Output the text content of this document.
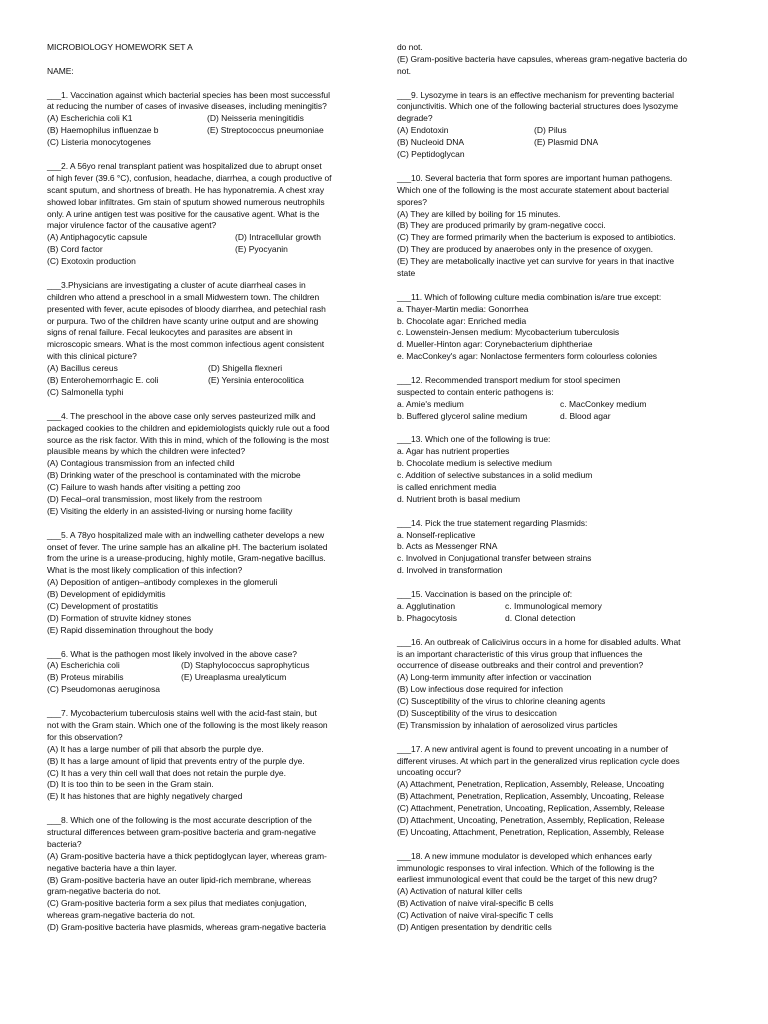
MICROBIOLOGY HOMEWORK SET A
NAME:
___1. Vaccination against which bacterial species has been most successful
at reducing the number of cases of invasive diseases, including meningitis?
(A) Escherichia coli K1	(D) Neisseria meningitidis
(B) Haemophilus influenzae b	(E) Streptococcus pneumoniae
(C) Listeria monocytogenes
___2. A 56yo renal transplant patient was hospitalized due to abrupt onset
of high fever (39.6 °C), confusion, headache, diarrhea, a cough productive of
scant sputum, and shortness of breath. He has hyponatremia. A chest xray
showed lobar infiltrates. Gm stain of sputum showed numerous neutrophils
only. A urine antigen test was positive for the causative agent. What is the
major virulence factor of the causative agent?
(A) Antiphagocytic capsule	(D) Intracellular growth
(B) Cord factor	(E) Pyocyanin
(C) Exotoxin production
___3.Physicians are investigating a cluster of acute diarrheal cases in
children who attend a preschool in a small Midwestern town. The children
presented with fever, acute episodes of bloody diarrhea, and petechial rash
or purpura. Two of the children have scanty urine output and are showing
signs of renal failure. Fecal leukocytes and parasites are absent in
microscopic smears. What is the most common infectious agent consistent
with this clinical picture?
(A) Bacillus cereus	(D) Shigella flexneri
(B) Enterohemorrhagic E. coli	(E) Yersinia enterocolitica
(C) Salmonella typhi
___4. The preschool in the above case only serves pasteurized milk and
packaged cookies to the children and epidemiologists quickly rule out a food
source as the risk factor. With this in mind, which of the following is the most
plausible means by which the children were infected?
(A) Contagious transmission from an infected child
(B) Drinking water of the preschool is contaminated with the microbe
(C) Failure to wash hands after visiting a petting zoo
(D) Fecal–oral transmission, most likely from the restroom
(E) Visiting the elderly in an assisted-living or nursing home facility
___5. A 78yo hospitalized male with an indwelling catheter develops a new
onset of fever. The urine sample has an alkaline pH. The bacterium isolated
from the urine is a urease-producing, highly motile, Gram-negative bacillus.
What is the most likely complication of this infection?
(A) Deposition of antigen–antibody complexes in the glomeruli
(B) Development of epididymitis
(C) Development of prostatitis
(D) Formation of struvite kidney stones
(E) Rapid dissemination throughout the body
___6. What is the pathogen most likely involved in the above case?
(A) Escherichia coli	(D) Staphylococcus saprophyticus
(B) Proteus mirabilis	(E) Ureaplasma urealyticum
(C) Pseudomonas aeruginosa
___7. Mycobacterium tuberculosis stains well with the acid-fast stain, but
not with the Gram stain. Which one of the following is the most likely reason
for this observation?
(A) It has a large number of pili that absorb the purple dye.
(B) It has a large amount of lipid that prevents entry of the purple dye.
(C) It has a very thin cell wall that does not retain the purple dye.
(D) It is too thin to be seen in the Gram stain.
(E) It has histones that are highly negatively charged
___8. Which one of the following is the most accurate description of the
structural differences between gram-positive bacteria and gram-negative
bacteria?
(A) Gram-positive bacteria have a thick peptidoglycan layer, whereas gram-
negative bacteria have a thin layer.
(B) Gram-positive bacteria have an outer lipid-rich membrane, whereas
gram-negative bacteria do not.
(C) Gram-positive bacteria form a sex pilus that mediates conjugation,
whereas gram-negative bacteria do not.
(D) Gram-positive bacteria have plasmids, whereas gram-negative bacteria
do not.
(E) Gram-positive bacteria have capsules, whereas gram-negative bacteria do
not.
___9. Lysozyme in tears is an effective mechanism for preventing bacterial
conjunctivitis. Which one of the following bacterial structures does lysozyme
degrade?
(A) Endotoxin	(D) Pilus
(B) Nucleoid DNA	(E) Plasmid DNA
(C) Peptidoglycan
___10. Several bacteria that form spores are important human pathogens.
Which one of the following is the most accurate statement about bacterial
spores?
(A) They are killed by boiling for 15 minutes.
(B) They are produced primarily by gram-negative cocci.
(C) They are formed primarily when the bacterium is exposed to antibiotics.
(D) They are produced by anaerobes only in the presence of oxygen.
(E) They are metabolically inactive yet can survive for years in that inactive
state
___11. Which of following culture media combination is/are true except:
a. Thayer-Martin media: Gonorrhea
b. Chocolate agar: Enriched media
c. Lowenstein-Jensen medium: Mycobacterium tuberculosis
d. Mueller-Hinton agar: Corynebacterium diphtheriae
e. MacConkey's agar: Nonlactose fermenters form colourless colonies
___12. Recommended transport medium for stool specimen
suspected to contain enteric pathogens is:
a. Amie's medium	c. MacConkey medium
b. Buffered glycerol saline medium	d. Blood agar
___13. Which one of the following is true:
a. Agar has nutrient properties
b. Chocolate medium is selective medium
c. Addition of selective substances in a solid medium
is called enrichment media
d. Nutrient broth is basal medium
___14. Pick the true statement regarding Plasmids:
a. Nonself-replicative
b. Acts as Messenger RNA
c. Involved in Conjugational transfer between strains
d. Involved in transformation
___15. Vaccination is based on the principle of:
a. Agglutination	c. Immunological memory
b. Phagocytosis	d. Clonal detection
___16. An outbreak of Calicivirus occurs in a home for disabled adults. What
is an important characteristic of this virus group that influences the
occurrence of disease outbreaks and their control and prevention?
(A) Long-term immunity after infection or vaccination
(B) Low infectious dose required for infection
(C) Susceptibility of the virus to chlorine cleaning agents
(D) Susceptibility of the virus to desiccation
(E) Transmission by inhalation of aerosolized virus particles
___17. A new antiviral agent is found to prevent uncoating in a number of
different viruses. At which part in the generalized virus replication cycle does
uncoating occur?
(A) Attachment, Penetration, Replication, Assembly, Release, Uncoating
(B) Attachment, Penetration, Replication, Assembly, Uncoating, Release
(C) Attachment, Penetration, Uncoating, Replication, Assembly, Release
(D) Attachment, Uncoating, Penetration, Assembly, Replication, Release
(E) Uncoating, Attachment, Penetration, Replication, Assembly, Release
___18. A new immune modulator is developed which enhances early
immunologic responses to viral infection. Which of the following is the
earliest immunological event that could be the target of this new drug?
(A) Activation of natural killer cells
(B) Activation of naive viral-specific B cells
(C) Activation of naive viral-specific T cells
(D) Antigen presentation by dendritic cells
